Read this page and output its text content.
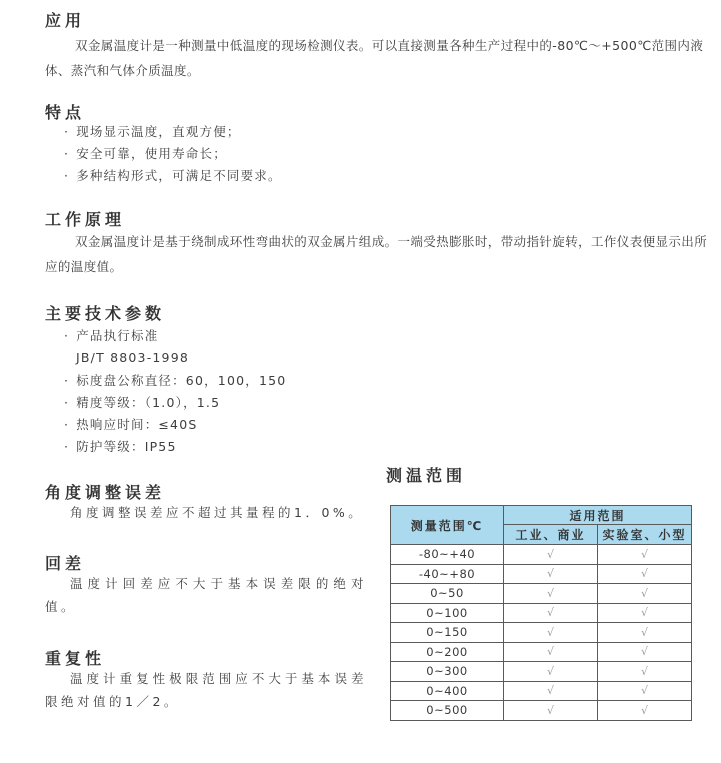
应用

双金属温度计是一种测量中低温度的现场检测仪表。可以直接测量各种生产过程中的-80℃～+500℃范围内液体、蒸汽和气体介质温度。

特点
· 现场显示温度，直观方便；
· 安全可靠，使用寿命长；
· 多种结构形式，可满足不同要求。
工作原理

双金属温度计是基于绕制成环性弯曲状的双金属片组成。一端受热膨胀时，带动指针旋转，工作仪表便显示出所应的温度值。

主要技术参数
· 产品执行标准
JB/T 8803-1998
· 标度盘公称直径：60，100，150
· 精度等级：（1.0），1.5
· 热响应时间：≤40S
· 防护等级：IP55
角度调整误差

角度调整误差应不超过其量程的1．0%。

回差

温度计回差应不大于基本误差限的绝对值。

重复性

温度计重复性极限范围应不大于基本误差限绝对值的1／2。

测温范围
测量范围℃	适用范围	
	工业、商业	实验室、小型
-80~+40	√	√
-40~+80	√	√
0~50	√	√
0~100	√	√
0~150	√	√
0~200	√	√
0~300	√	√
0~400	√	√
0~500	√	√
